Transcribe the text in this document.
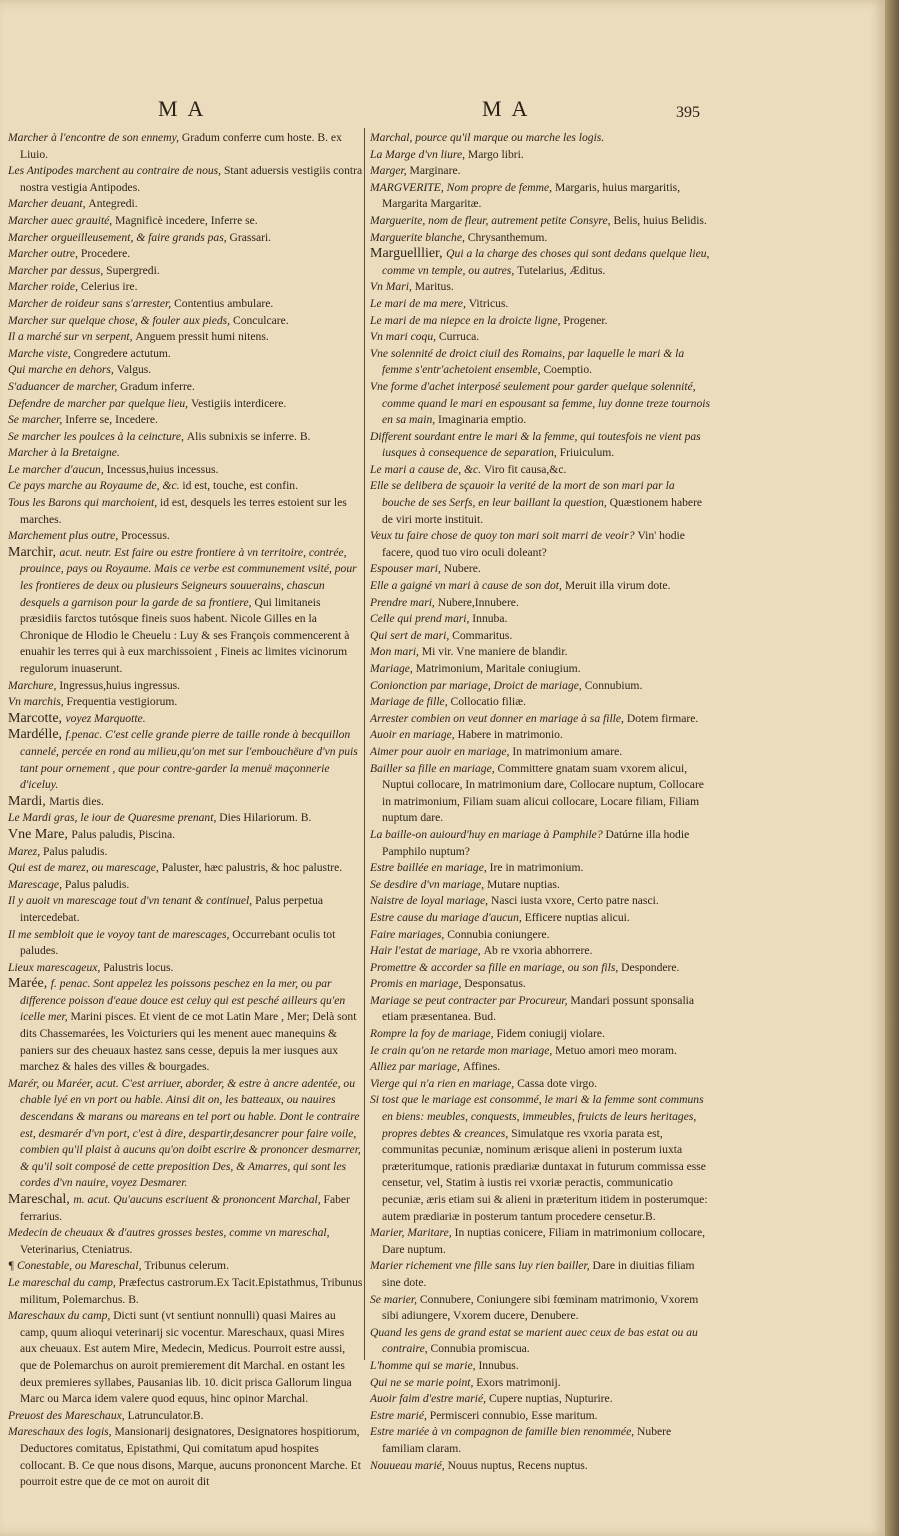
MA	MA	395
Marcher à l'encontre de son ennemy, Gradum conferre cum hoste. B. ex Liuio.
Les Antipodes marchent au contraire de nous, Stant aduersis vestigiis contra nostra vestigia Antipodes.
Marcher deuant, Antegredi.
Marcher auec grauité, Magnificè incedere, Inferre se.
Marcher orgueilleusement, & faire grands pas, Grassari.
Marcher outre, Procedere.
Marcher par dessus, Supergredi.
Marcher roide, Celerius ire.
Marcher de roideur sans s'arrester, Contentius ambulare.
Marcher sur quelque chose, & fouler aux pieds, Conculcare.
Il a marché sur vn serpent, Anguem pressit humi nitens.
Marche viste, Congredere actutum.
Qui marche en dehors, Valgus.
S'aduancer de marcher, Gradum inferre.
Defendre de marcher par quelque lieu, Vestigiis interdicere.
Se marcher, Inferre se, Incedere.
Se marcher les poulces à la ceincture, Alis subnixis se inferre. B.
Marcher à la Bretaigne.
Le marcher d'aucun, Incessus,huius incessus.
Ce pays marche au Royaume de, &c. id est, touche, est confin.
Tous les Barons qui marchoient, id est, desquels les terres estoient sur les marches.
Marchement plus outre, Processus.
Marchir, acut. neutr. Est faire ou estre frontiere à vn territoire, contrée, prouince, pays ou Royaume. Mais ce verbe est communement vsité, pour les frontieres de deux ou plusieurs Seigneurs souuerains, chascun desquels a garnison pour la garde de sa frontiere, Qui limitaneis præsidiis farctos tutósque fineis suos habent. Nicole Gilles en la Chronique de Hlodio le Cheuelu : Luy & ses François commencerent à enuahir les terres qui à eux marchissoient , Fineis ac limites vicinorum regulorum inuaserunt.
Marchure, Ingressus,huius ingressus.
Vn marchis, Frequentia vestigiorum.
Marcotte, voyez Marquotte.
Mardélle, f.penac. C'est celle grande pierre de taille ronde à becquillon cannelé, percée en rond au milieu,qu'on met sur l'embouchëure d'vn puis tant pour ornement , que pour contre-garder la menuë maçonnerie d'iceluy.
Mardi, Martis dies.
Le Mardi gras, le iour de Quaresme prenant, Dies Hilariorum. B.
Vne Mare, Palus paludis, Piscina.
Marez, Palus paludis.
Qui est de marez, ou marescage, Paluster, hæc palustris, & hoc palustre.
Marescage, Palus paludis.
Il y auoit vn marescage tout d'vn tenant & continuel, Palus perpetua intercedebat.
Il me sembloit que ie voyoy tant de marescages, Occurrebant oculis tot paludes.
Lieux marescageux, Palustris locus.
Marée, f. penac. Sont appelez les poissons peschez en la mer, ou par difference poisson d'eaue douce est celuy qui est pesché ailleurs qu'en icelle mer, Marini pisces. Et vient de ce mot Latin Mare , Mer; Delà sont dits Chassemarées, les Voicturiers qui les menent auec manequins & paniers sur des cheuaux hastez sans cesse, depuis la mer iusques aux marchez & hales des villes & bourgades.
Marér, ou Maréer, acut. C'est arriuer, aborder, & estre à ancre adentée, ou chable lyé en vn port ou hable. Ainsi dit on, les batteaux, ou nauires descendans & marans ou mareans en tel port ou hable. Dont le contraire est, desmarér d'vn port, c'est à dire, despartir,desancrer pour faire voile, combien qu'il plaist à aucuns qu'on doibt escrire & prononcer desmarrer, & qu'il soit composé de cette preposition Des, & Amarres, qui sont les cordes d'vn nauire, voyez Desmarer.
Mareschal, m. acut. Qu'aucuns escriuent & prononcent Marchal, Faber ferrarius.
Medecin de cheuaux & d'autres grosses bestes, comme vn mareschal, Veterinarius, Cteniatrus.
¶ Conestable, ou Mareschal, Tribunus celerum.
Le mareschal du camp, Præfectus castrorum.Ex Tacit.Epistathmus, Tribunus militum, Polemarchus. B.
Mareschaux du camp, Dicti sunt (vt sentiunt nonnulli) quasi Maires au camp, quum alioqui veterinarij sic vocentur. Mareschaux, quasi Mires aux cheuaux. Est autem Mire, Medecin, Medicus. Pourroit estre aussi, que de Polemarchus on auroit premierement dit Marchal. en ostant les deux premieres syllabes, Pausanias lib. 10. dicit prisca Gallorum lingua Marc ou Marca idem valere quod equus, hinc opinor Marchal.
Preuost des Mareschaux, Latrunculator.B.
Mareschaux des logis, Mansionarij designatores, Designatores hospitiorum, Deductores comitatus, Epistathmi, Qui comitatum apud hospites collocant. B. Ce que nous disons, Marque, aucuns prononcent Marche. Et pourroit estre que de ce mot on auroit dit
Marchal, pource qu'il marque ou marche les logis.
La Marge d'vn liure, Margo libri.
Marger, Marginare.
MARGVERITE, Nom propre de femme, Margaris, huius margaritis, Margarita Margaritæ.
Marguerite, nom de fleur, autrement petite Consyre, Belis, huius Belidis.
Marguerite blanche, Chrysanthemum.
Marguelllier, Qui a la charge des choses qui sont dedans quelque lieu, comme vn temple, ou autres, Tutelarius, Æditus.
Vn Mari, Maritus.
Le mari de ma mere, Vitricus.
Le mari de ma niepce en la droicte ligne, Progener.
Vn mari coqu, Curruca.
Vne solennité de droict ciuil des Romains, par laquelle le mari & la femme s'entr'achetoient ensemble, Coemptio.
Vne forme d'achet interposé seulement pour garder quelque solennité, comme quand le mari en espousant sa femme, luy donne treze tournois en sa main, Imaginaria emptio.
Different sourdant entre le mari & la femme, qui toutesfois ne vient pas iusques à consequence de separation, Friuiculum.
Le mari a cause de, &c. Viro fit causa,&c.
Elle se delibera de sçauoir la verité de la mort de son mari par la bouche de ses Serfs, en leur baillant la question, Quæstionem habere de viri morte instituit.
Veux tu faire chose de quoy ton mari soit marri de veoir? Vin' hodie facere, quod tuo viro oculi doleant?
Espouser mari, Nubere.
Elle a gaigné vn mari à cause de son dot, Meruit illa virum dote.
Prendre mari, Nubere,Innubere.
Celle qui prend mari, Innuba.
Qui sert de mari, Commaritus.
Mon mari, Mi vir. Vne maniere de blandir.
Mariage, Matrimonium, Maritale coniugium.
Conionction par mariage, Droict de mariage, Connubium.
Mariage de fille, Collocatio filiæ.
Arrester combien on veut donner en mariage à sa fille, Dotem firmare.
Auoir en mariage, Habere in matrimonio.
Aimer pour auoir en mariage, In matrimonium amare.
Bailler sa fille en mariage, Committere gnatam suam vxorem alicui, Nuptui collocare, In matrimonium dare, Collocare nuptum, Collocare in matrimonium, Filiam suam alicui collocare, Locare filiam, Filiam nuptum dare.
La baille-on auiourd'huy en mariage à Pamphile? Datúrne illa hodie Pamphilo nuptum?
Estre baillée en mariage, Ire in matrimonium.
Se desdire d'vn mariage, Mutare nuptias.
Naistre de loyal mariage, Nasci iusta vxore, Certo patre nasci.
Estre cause du mariage d'aucun, Efficere nuptias alicui.
Faire mariages, Connubia coniungere.
Hair l'estat de mariage, Ab re vxoria abhorrere.
Promettre & accorder sa fille en mariage, ou son fils, Despondere.
Promis en mariage, Desponsatus.
Mariage se peut contracter par Procureur, Mandari possunt sponsalia etiam præsentanea. Bud.
Rompre la foy de mariage, Fidem coniugij violare.
Ie crain qu'on ne retarde mon mariage, Metuo amori meo moram.
Alliez par mariage, Affines.
Vierge qui n'a rien en mariage, Cassa dote virgo.
Si tost que le mariage est consommé, le mari & la femme sont communs en biens: meubles, conquests, immeubles, fruicts de leurs heritages, propres debtes & creances, Simulatque res vxoria parata est, communitas pecuniæ, nominum ærisque alieni in posterum iuxta præteritumque, rationis prædiariæ duntaxat in futurum commissa esse censetur, vel, Statim à iustis rei vxoriæ peractis, communicatio pecuniæ, æris etiam sui & alieni in præteritum itidem in posterumque: autem prædiariæ in posterum tantum procedere censetur.B.
Marier, Maritare, In nuptias conicere, Filiam in matrimonium collocare, Dare nuptum.
Marier richement vne fille sans luy rien bailler, Dare in diuitias filiam sine dote.
Se marier, Connubere, Coniungere sibi fœminam matrimonio, Vxorem sibi adiungere, Vxorem ducere, Denubere.
Quand les gens de grand estat se marient auec ceux de bas estat ou au contraire, Connubia promiscua.
L'homme qui se marie, Innubus.
Qui ne se marie point, Exors matrimonij.
Auoir faim d'estre marié, Cupere nuptias, Nupturire.
Estre marié, Permisceri connubio, Esse maritum.
Estre mariée à vn compagnon de famille bien renommée, Nubere familiam claram.
Nouueau marié, Nouus nuptus, Recens nuptus.
